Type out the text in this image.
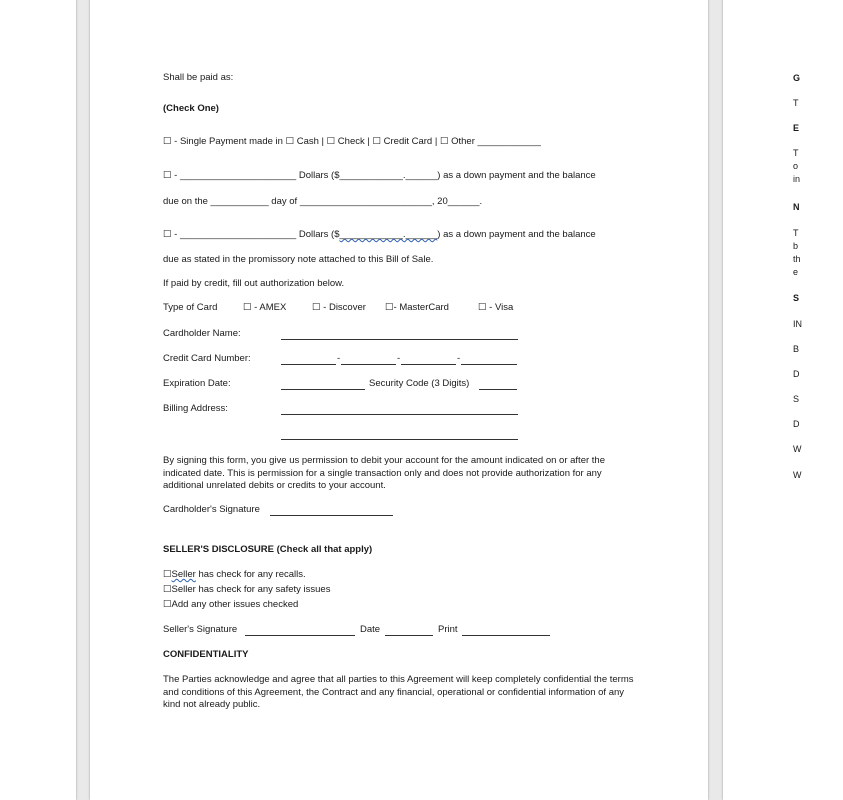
Shall be paid as:
(Check One)
☐ - Single Payment made in ☐ Cash | ☐ Check | ☐ Credit Card | ☐ Other ____________
☐ - ______________________ Dollars ($____________.______) as a down payment and the balance
due on the ___________ day of _________________________, 20______.
☐ - ______________________ Dollars ($____________.______) as a down payment and the balance
due as stated in the promissory note attached to this Bill of Sale.
If paid by credit, fill out authorization below.
Type of Card	☐ - AMEX	☐ - Discover ☐- MasterCard	☐ - Visa
Cardholder Name:
Credit Card Number:	-	-	-
Expiration Date:	Security Code (3 Digits)
Billing Address:
By signing this form, you give us permission to debit your account for the amount indicated on or after the indicated date. This is permission for a single transaction only and does not provide authorization for any additional unrelated debits or credits to your account.
Cardholder's Signature
SELLER'S DISCLOSURE (Check all that apply)
☐Seller has check for any recalls.
☐Seller has check for any safety issues
☐Add any other issues checked
Seller's Signature	Date	Print
CONFIDENTIALITY
The Parties acknowledge and agree that all parties to this Agreement will keep completely confidential the terms and conditions of this Agreement, the Contract and any financial, operational or confidential information of any kind not already public.
G
T
E
T
o
in
N
T
b
th
e
S
IN
B
D
S
D
W
W
